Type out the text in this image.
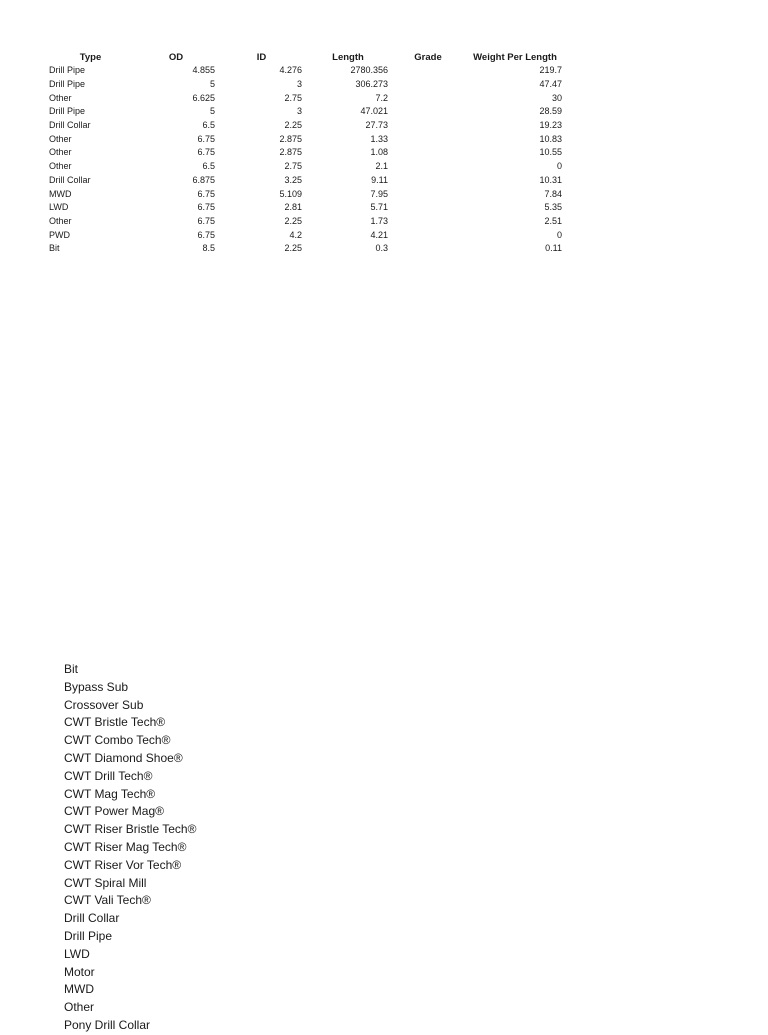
Type	OD	ID	Length	Grade	Weight Per Length
Drill Pipe	4.855	4.276	2780.356		219.7
Drill Pipe	5	3	306.273		47.47
Other	6.625	2.75	7.2		30
Drill Pipe	5	3	47.021		28.59
Drill Collar	6.5	2.25	27.73		19.23
Other	6.75	2.875	1.33		10.83
Other	6.75	2.875	1.08		10.55
Other	6.5	2.75	2.1		0
Drill Collar	6.875	3.25	9.11		10.31
MWD	6.75	5.109	7.95		7.84
LWD	6.75	2.81	5.71		5.35
Other	6.75	2.25	1.73		2.51
PWD	6.75	4.2	4.21		0
Bit	8.5	2.25	0.3		0.11
Bit
Bypass Sub
Crossover Sub
CWT Bristle Tech®
CWT Combo Tech®
CWT Diamond Shoe®
CWT Drill Tech®
CWT Mag Tech®
CWT Power Mag®
CWT Riser Bristle Tech®
CWT Riser Mag Tech®
CWT Riser Vor Tech®
CWT Spiral Mill
CWT Vali Tech®
Drill Collar
Drill Pipe
LWD
Motor
MWD
Other
Pony Drill Collar
